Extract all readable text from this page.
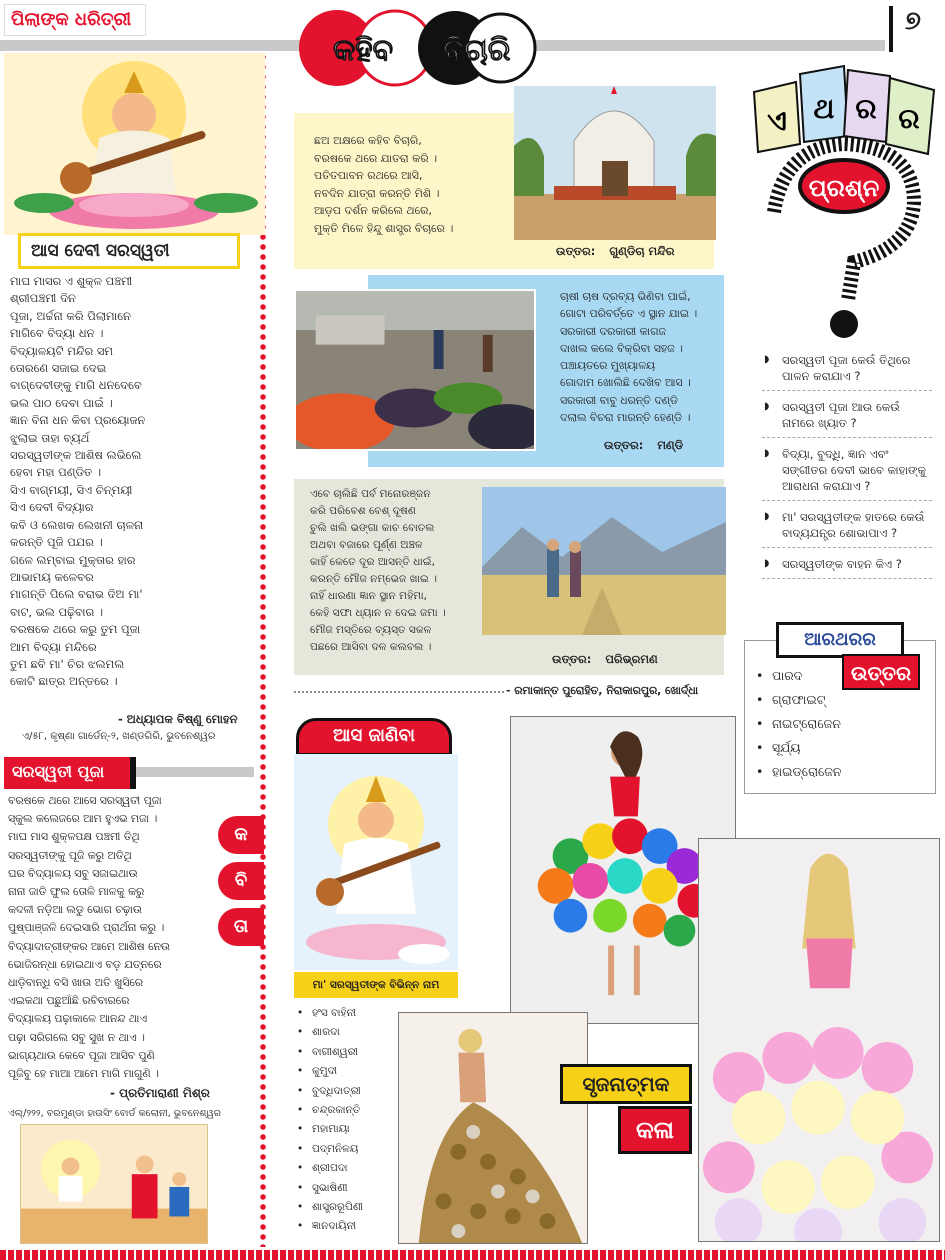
ପିଲାଙ୍କ ଧରିତ୍ରୀ
କହିବ ବିଚାରି
୭
ଆସ ଦେବୀ ସରସ୍ୱତୀ
ମାଘ ମାସର ଏ ଶୁକ୍ଳ ପଞ୍ଚମୀ
ଶ୍ରୀପଞ୍ଚମୀ ଦିନ
ପୂଜା, ଅର୍ଚ୍ଚନା କରି ପିଲାମାନେ
ମାଗିବେ ବିଦ୍ୟା ଧନ ।
ବିଦ୍ୟାଳୟଟି ମନ୍ଦିର ସମ
ତୋରଣେ ସଜାଇ ଦେଇ
ବାଗ୍‌ଦେବୀଙ୍କୁ ମାଗି ଧନଦେବେ
ଭଲ ପାଠ ଦେବା ପାଇଁ ।
ଜ୍ଞାନ ବିନା ଧନ କିବା ପ୍ରୟୋଜନ
ଝୁଲାଇ ତାହା ବ୍ୟର୍ଥ
ସରସ୍ୱତୀଙ୍କ ଆଶିଷ ଲଭିଲେ
ହେବା ମହା ପଣ୍ଡିତ ।
ସିଏ ବାଗ୍‌ମୟୀ, ସିଏ ଚିନ୍ମୟୀ
ସିଏ ଦେବୀ ବିଦ୍ୟାର
କବି ଓ ଲେଖକ ଲେଖନୀ ଚାଳନା
କରନ୍ତି ପୂଜି ପଯର ।
ଗଳେ ଲମ୍ବାଇ ମୁକ୍ତାର ହାର
ଆଭାମୟ କଳେବର
ମାଗନ୍ତି ପିଲେ ବରାଭ ଦିଅ ମା'
ବାଟ, ଭଲ ପଢ଼ିବାର ।
ବରଷକେ ଥରେ କରୁ ତୁମ ପୂଜା
ଆମ ବିଦ୍ୟା ମନ୍ଦିରେ
ତୁମ ଛବି ମା' ଚିର ଝଲମଲ
କୋଟି ଛାତ୍ର ଅନ୍ତରେ ।
- ଅଧ୍ୟାପକ ବିଷ୍ଣୁ ମୋହନ
ଏ/୫୮, କୃଷ୍ଣା ଗାର୍ଡେନ୍-୨, ଖଣ୍ଡଗିରି, ଭୁବନେଶ୍ୱର
ସରସ୍ୱତୀ ପୂଜା
ବରଷକେ ଥରେ ଆସେ ସରସ୍ୱତୀ ପୂଜା
ସ୍କୁଲ କଲେଜରେ ଆମ ହୁଏଭ ମଜା ।
ମାଘ ମାସ ଶୁକ୍ଳପକ୍ଷ ପଞ୍ଚମୀ ତିଥି
ସରସ୍ୱତୀଙ୍କୁ ପୂଜି କରୁ ଅତିଥି
ଘର ବିଦ୍ୟାଳୟ ସବୁ ସଜାଇଥାଉ
ନାନା ଜାତି ଫୁଲ ତୋଳି ମାଳକୁ କରୁ
କଦଳୀ ନଡ଼ିଆ ଲଡୁ ଭୋଗ ଚଢ଼ାଉ
ପୁଷ୍ପାଞ୍ଜଳି ଦେଇସାରି ପ୍ରାର୍ଥନା କରୁ ।
ବିଦ୍ୟାଦାତ୍ରୀଙ୍କର ଆମେ ଆଶିଷ ନେଉ
ଭୋଜିରନ୍ଧା ହୋଇଥାଏ ବଡ଼ ଯତ୍ନରେ
ଧାଡ଼ିବାନ୍ଧି ବସି ଖାଉ ଅତି ଖୁସିରେ
ଏଇକଥା ପଛୁଆଁଛି ରବିବାରରେ
ବିଦ୍ୟାଳୟ ପଢ଼ାକାଳେ ଆନନ୍ଦ ଥାଏ
ପଢ଼ା ସରିଗଲେ ସବୁ ସୁଖ ନ ଥାଏ ।
ଭାଗ୍ୟଥାଉ କେବେ ପୂଜା ଆସିବ ପୁଣି
ପୂଜିବୁ ହେ ମାଆ ଆମେ ମାଗି ମାଗୁଣି ।
କ
ବି
ତା
- ପ୍ରତିମାରାଣୀ ମିଶ୍ର
ଏଲ୍/୨୨୨, ବରମୁଣ୍ଡା ହାଉସିଂ ବୋର୍ଡ କଲୋନୀ, ଭୁବନେଶ୍ୱର
ଛଅ ଅକ୍ଷରେ କହିବ ବିଚାରି,
ବରଷକେ ଥରେ ଯାତରା କରି ।
ପତିତପାବନ ରଥରେ ଆସି,
ନବଦିନ ଯାତ୍ରା କରନ୍ତି ମିଶି ।
ଆଡ଼ପ ଦର୍ଶନ କରିଲେ ଥରେ,
ମୁକ୍ତି ମିଳେ ହିନ୍ଦୁ ଶାସ୍ତ୍ର ବିଚାରେ ।
ଉତ୍ତର: ଗୁଣ୍ଡିଚା ମନ୍ଦିର
ଚାଷୀ ଚାଷ ଦ୍ରବ୍ୟ ଭିଣିବା ପାଇଁ,
ଗୋଟା ପରିବର୍ତ୍ତେ ଏ ସ୍ଥାନ ଯାଇ ।
ସରକାରୀ ଦରକାରୀ କାଗଜ
ଦାଖଲ କଲେ ବିକ୍ରିବା ସହଜ ।
ପଞ୍ଚାୟତରେ ମୁଖ୍ୟାଳୟ
ଗୋଦାମ ଖୋଲିଛି ଦେଖିବ ଆସ ।
ସରକାରୀ ବାବୁ ଧରନ୍ତି ଦଣ୍ଡି
ଦଲାଲ ବିଚରା ମାରନ୍ତି ହେଣ୍ଡି ।
ଉତ୍ତର: ମଣ୍ଡି
ଏବେ ଚାଲିଛି ପର୍ବ ମନୋରଞ୍ଜନ
କରି ପରିବେଶ ବେଶ୍ ଦୂଷଣ
ଚୁଲି ଖଲି ଭଙ୍ଗା କାଚ ବୋତଲ
ଅଥବା ବଜାରେ ପୂର୍ଣ୍ଣ ଅଞ୍ଚଳ
କାହିଁ କେତେ ଦୂର ଆସନ୍ତି ଧାଇଁ,
କରନ୍ତି ମୌଜ ନମ୍ଭେଜ ଖାଇ ।
ନାହିଁ ଧାରଣା ଜ୍ଞାନ ସ୍ଥାନ ମହିମା,
କେହି ସଫା ଧ୍ୟାନ ନ ଦେଇ ଜମା ।
ମୌଜ ମସ୍ତିରେ ବ୍ୟସ୍ତ ସକଳ
ପଛରେ ଆସିବା ଦଳ କଲବଲ ।
ଉତ୍ତର: ପରିଭ୍ରମଣ
- ରମାକାନ୍ତ ପୁରୋହିତ, ନିରାକାରପୁର, ଖୋର୍ଦ୍ଧା
ଏ ଥ ର ର
ପ୍ରଶ୍ନ
◗ ସରସ୍ୱତୀ ପୂଜା କେଉଁ ତିଥିରେ ପାଳନ କରାଯାଏ ?
◗ ସରସ୍ୱତୀ ପୂଜା ଆଉ କେଉଁ ନାମରେ ଖ୍ୟାତ ?
◗ ବିଦ୍ୟା, ବୁଦ୍ଧି, ଜ୍ଞାନ ଏବଂ ସଙ୍ଗୀତର ଦେବୀ ଭାବେ କାହାଙ୍କୁ ଆରାଧନା କରାଯାଏ ?
◗ ମା' ସରସ୍ୱତୀଙ୍କ ହାତରେ କେଉଁ ବାଦ୍ୟଯନ୍ତ୍ର ଶୋଭାପାଏ ?
◗ ସରସ୍ୱତୀଙ୍କ ବାହନ କିଏ ?
ଆରଥରର
ଉତ୍ତର
• ପାରଦ
• ଗ୍ରାଫାଇଟ୍
• ନାଇଟ୍ରୋଜେନ
• ସୂର୍ଯ୍ୟ
• ହାଇଡ୍ରୋଜେନ
ଆସ ଜାଣିବା
ମା' ସରସ୍ୱତୀଙ୍କ ବିଭିନ୍ନ ନାମ
• ହଂସ ବାହିନୀ
• ଶାରଦା
• ବାଗୀଶ୍ୱରୀ
• କୁମୁଦୀ
• ବୁଦ୍ଧିଦାତ୍ରୀ
• ଚନ୍ଦ୍ରକାନ୍ତି
• ମହାମାୟା
• ପଦ୍ମନିଳୟ
• ଶ୍ରୀପଦା
• ସୁଭାଷିଣୀ
• ଶାସ୍ତ୍ରରୂପିଣୀ
• ଜ୍ଞାନଦାୟିନୀ
ସୃଜନାତ୍ମକ
କଳା
